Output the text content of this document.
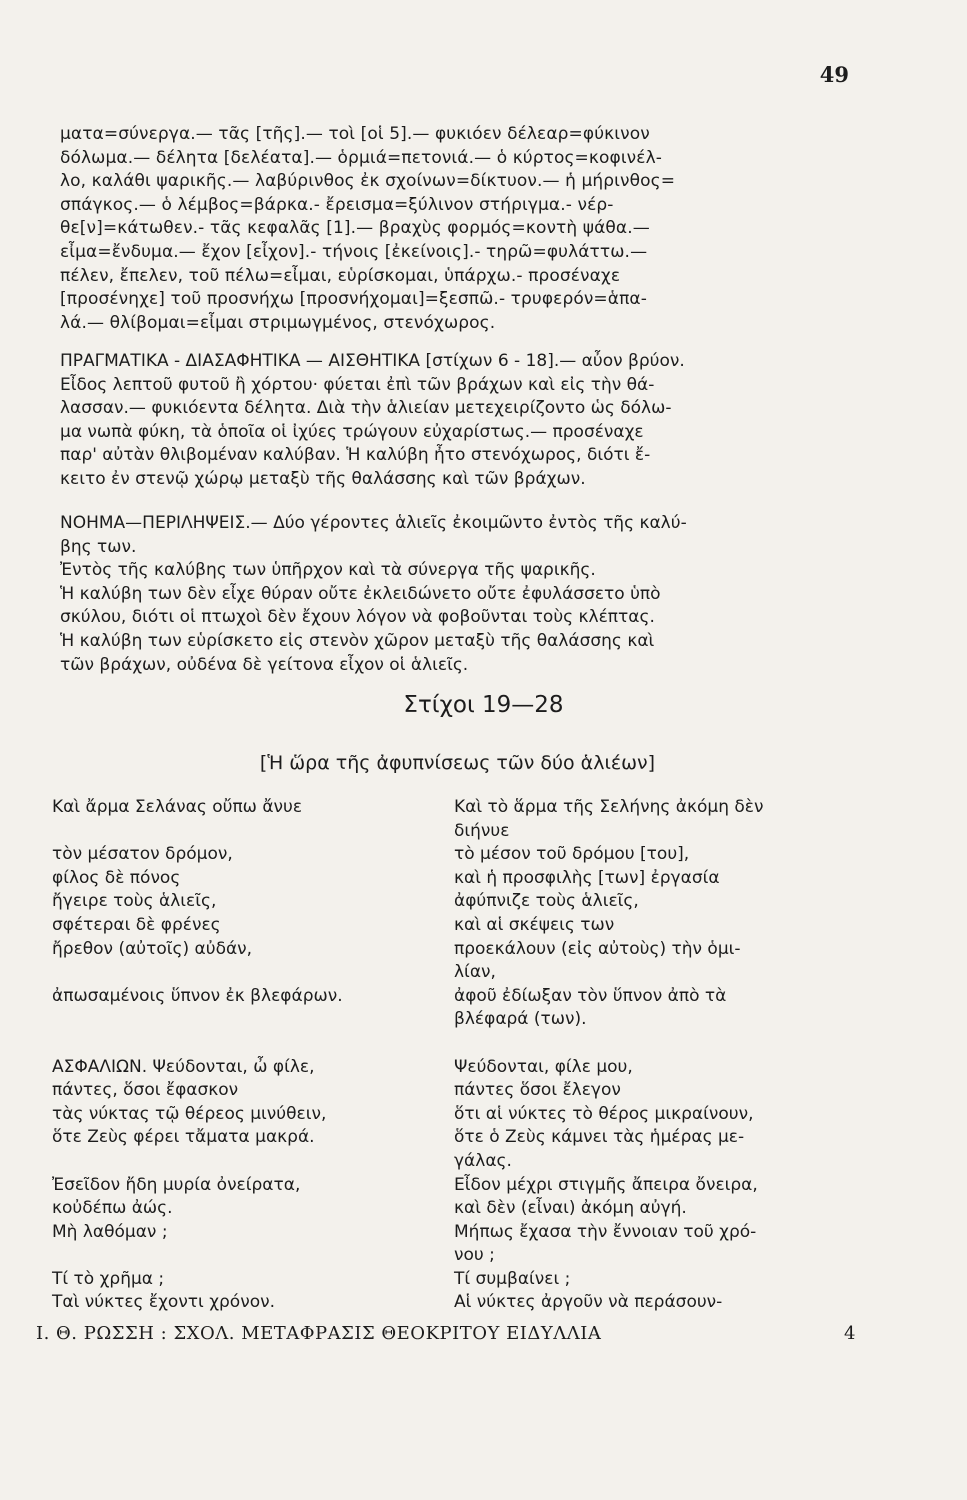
49

ματα=σύνεργα.— τᾶς [τῆς].— τοὶ [οἱ 5].— φυκιόεν δέλεαρ=φύκινον

δόλωμα.— δέλητα [δελέατα].— ὁρμιά=πετονιά.— ὁ κύρτος=κοφινέλ-

λο, καλάθι ψαρικῆς.— λαβύρινθος ἐκ σχοίνων=δίκτυον.— ἡ μήρινθος=

σπάγκος.— ὁ λέμβος=βάρκα.- ἔρεισμα=ξύλινον στήριγμα.- νέρ-

θε[ν]=κάτωθεν.- τᾶς κεφαλᾶς [1].— βραχὺς φορμός=κοντὴ ψάθα.—

εἶμα=ἔνδυμα.— ἔχον [εἶχον].- τήνοις [ἐκείνοις].- τηρῶ=φυλάττω.—

πέλεν, ἔπελεν, τοῦ πέλω=εἶμαι, εὑρίσκομαι, ὑπάρχω.- προσέναχε

[προσένηχε] τοῦ προσνήχω [προσνήχομαι]=ξεσπῶ.- τρυφερόν=ἁπα-

λά.— θλίβομαι=εἶμαι στριμωγμένος, στενόχωρος.

ΠΡΑΓΜΑΤΙΚΑ - ΔΙΑΣΑΦΗΤΙΚΑ — ΑΙΣΘΗΤΙΚΑ [στίχων 6 - 18].— αὖον βρύον.

Εἶδος λεπτοῦ φυτοῦ ἢ χόρτου· φύεται ἐπὶ τῶν βράχων καὶ εἰς τὴν θά-

λασσαν.— φυκιόεντα δέλητα. Διὰ τὴν ἁλιείαν μετεχειρίζοντο ὡς δόλω-

μα νωπὰ φύκη, τὰ ὁποῖα οἱ ἰχύες τρώγουν εὐχαρίστως.— προσέναχε

παρ' αὐτὰν θλιβομέναν καλύβαν. Ἡ καλύβη ἦτο στενόχωρος, διότι ἔ-

κειτο ἐν στενῷ χώρῳ μεταξὺ τῆς θαλάσσης καὶ τῶν βράχων.

ΝΟΗΜΑ—ΠΕΡΙΛΗΨΕΙΣ.— Δύο γέροντες ἁλιεῖς ἐκοιμῶντο ἐντὸς τῆς καλύ-

βης των.

Ἐντὸς τῆς καλύβης των ὑπῆρχον καὶ τὰ σύνεργα τῆς ψαρικῆς.

Ἡ καλύβη των δὲν εἶχε θύραν οὔτε ἐκλειδώνετο οὔτε ἐφυλάσσετο ὑπὸ

σκύλου, διότι οἱ πτωχοὶ δὲν ἔχουν λόγον νὰ φοβοῦνται τοὺς κλέπτας.

Ἡ καλύβη των εὑρίσκετο εἰς στενὸν χῶρον μεταξὺ τῆς θαλάσσης καὶ

τῶν βράχων, οὐδένα δὲ γείτονα εἶχον οἱ ἁλιεῖς.

Στίχοι 19—28
[Ἡ ὥρα τῆς ἀφυπνίσεως τῶν δύο ἁλιέων]
Καὶ ἄρμα Σελάνας οὔπω ἄνυε
τὸν μέσατον δρόμον,
φίλος δὲ πόνος
ἤγειρε τοὺς ἁλιεῖς,
σφέτεραι δὲ φρένες
ἤρεθον (αὐτοῖς) αὐδάν,
ἀπωσαμένοις ὕπνον ἐκ βλεφάρων.
ΑΣΦΑΛΙΩΝ. Ψεύδονται, ὦ φίλε,
πάντες, ὅσοι ἔφασκον
τὰς νύκτας τῷ θέρεος μινύθειν,
ὅτε Ζεὺς φέρει τἄματα μακρά.
Ἐσεῖδον ἤδη μυρία ὀνείρατα,
κοὐδέπω ἀώς.
Μὴ λαθόμαν ;
Τί τὸ χρῆμα ;
Ταὶ νύκτες ἔχοντι χρόνον.
Καὶ τὸ ἅρμα τῆς Σελήνης ἀκόμη δὲν
διήνυε
τὸ μέσον τοῦ δρόμου [του],
καὶ ἡ προσφιλὴς [των] ἐργασία
ἀφύπνιζε τοὺς ἁλιεῖς,
καὶ αἱ σκέψεις των
προεκάλουν (εἰς αὐτοὺς) τὴν ὁμι-
λίαν,
ἀφοῦ ἐδίωξαν τὸν ὕπνον ἀπὸ τὰ
βλέφαρά (των).
Ψεύδονται, φίλε μου,
πάντες ὅσοι ἔλεγον
ὅτι αἱ νύκτες τὸ θέρος μικραίνουν,
ὅτε ὁ Ζεὺς κάμνει τὰς ἡμέρας με-
γάλας.
Εἶδον μέχρι στιγμῆς ἄπειρα ὄνειρα,
καὶ δὲν (εἶναι) ἀκόμη αὐγή.
Μήπως ἔχασα τὴν ἔννοιαν τοῦ χρό-
νου ;
Τί συμβαίνει ;
Αἱ νύκτες ἀργοῦν νὰ περάσουν-
Ι. Θ. ΡΩΣΣΗ : ΣΧΟΛ. ΜΕΤΑΦΡΑΣΙΣ ΘΕΟΚΡΙΤΟΥ ΕΙΔΥΛΛΙΑ	4
